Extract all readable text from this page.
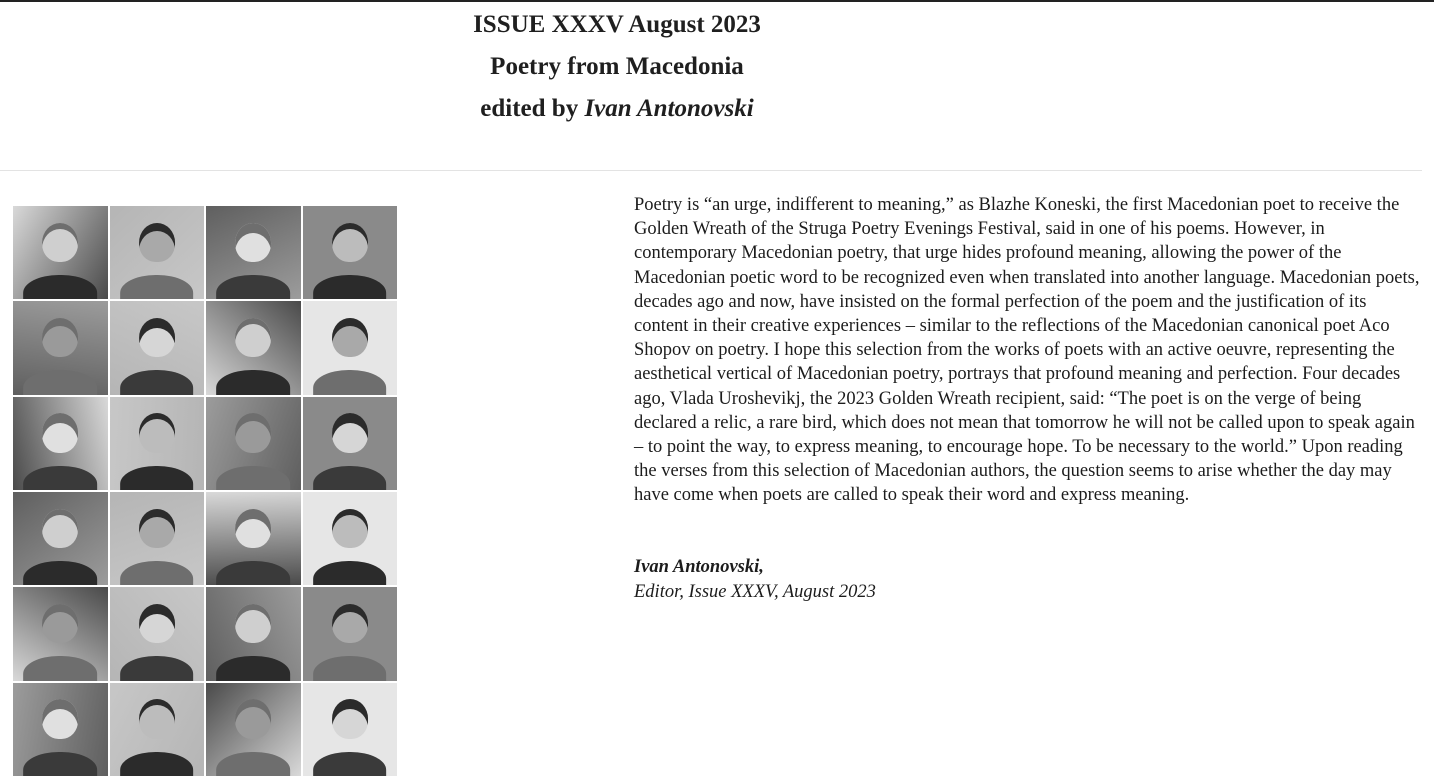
ISSUE XXXV August 2023
Poetry from Macedonia
edited by Ivan Antonovski

Poetry is “an urge, indifferent to meaning,” as Blazhe Koneski, the first Macedonian poet to receive the Golden Wreath of the Struga Poetry Evenings Festival, said in one of his poems. However, in contemporary Macedonian poetry, that urge hides profound meaning, allowing the power of the Macedonian poetic word to be recognized even when translated into another language. Macedonian poets, decades ago and now, have insisted on the formal perfection of the poem and the justification of its content in their creative experiences – similar to the reflections of the Macedonian canonical poet Aco Shopov on poetry. I hope this selection from the works of poets with an active oeuvre, representing the aesthetical vertical of Macedonian poetry, portrays that profound meaning and perfection. Four decades ago, Vlada Uroshevikj, the 2023 Golden Wreath recipient, said: “The poet is on the verge of being declared a relic, a rare bird, which does not mean that tomorrow he will not be called upon to speak again – to point the way, to express meaning, to encourage hope. To be necessary to the world.” Upon reading the verses from this selection of Macedonian authors, the question seems to arise whether the day may have come when poets are called to speak their word and express meaning.

Ivan Antonovski,
Editor, Issue XXXV, August 2023
